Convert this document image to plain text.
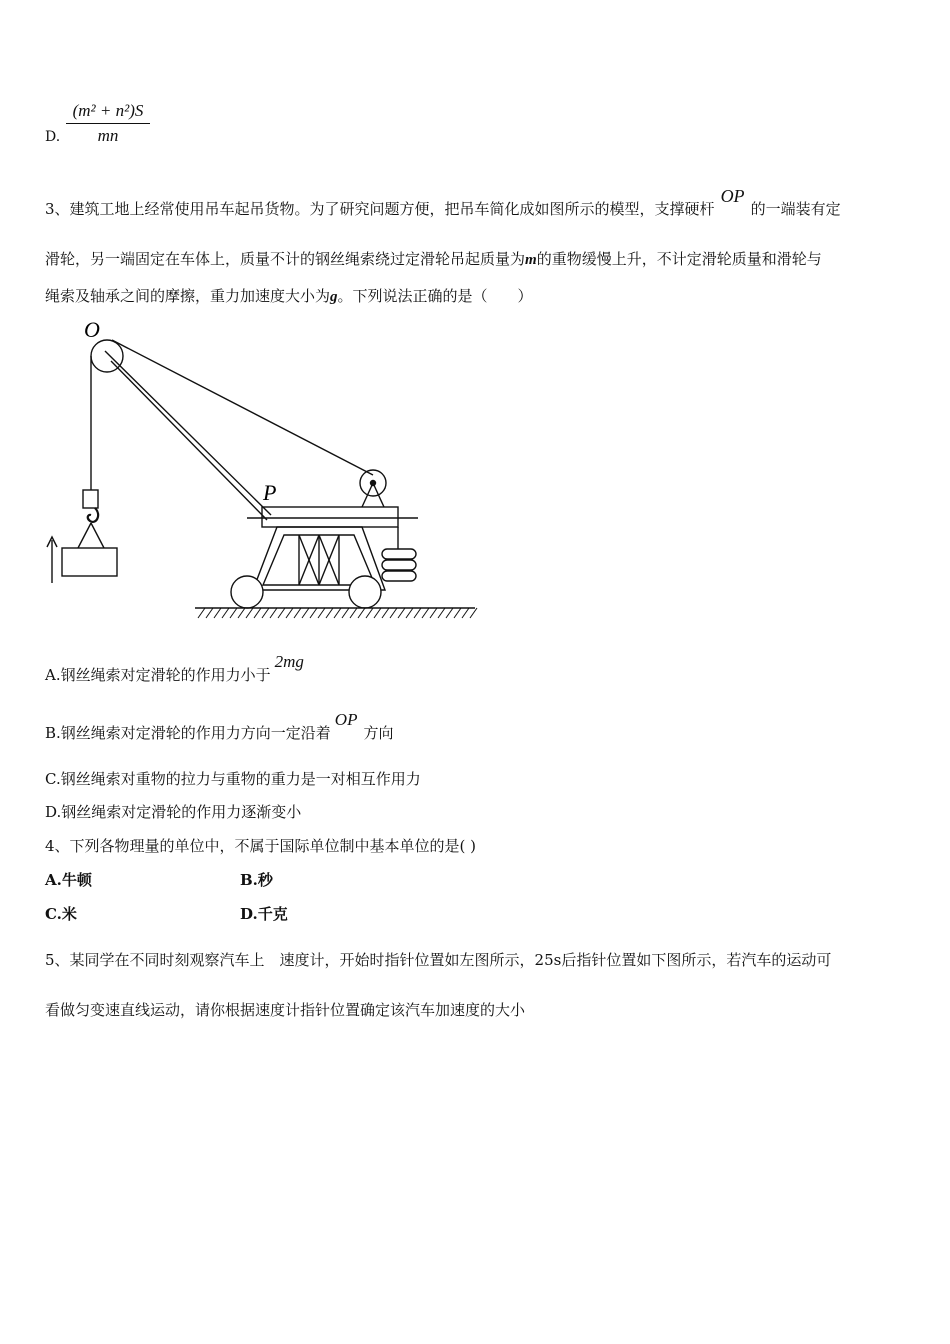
D. $\frac{\text{(m² + n²)S}}{mn}$
3、建筑工地上经常使用吊车起吊货物。为了研究问题方便，把吊车简化成如图所示的模型，支撑硬杆OP的一端装有定
滑轮，另一端固定在车体上，质量不计的钢丝绳索绕过定滑轮吊起质量为m的重物缓慢上升，不计定滑轮质量和滑轮与
绳索及轴承之间的摩擦，重力加速度大小为g。下列说法正确的是（　　）
O
P
A.钢丝绳索对定滑轮的作用力小于2mg
B.钢丝绳索对定滑轮的作用力方向一定沿着OP方向
C.钢丝绳索对重物的拉力与重物的重力是一对相互作用力
D.钢丝绳索对定滑轮的作用力逐渐变小
4、下列各物理量的单位中，不属于国际单位制中基本单位的是( )
A.牛顿	B.秒
C.米	D.千克
5、某同学在不同时刻观察汽车上　速度计，开始时指针位置如左图所示，25s后指针位置如下图所示，若汽车的运动可
看做匀变速直线运动，请你根据速度计指针位置确定该汽车加速度的大小
